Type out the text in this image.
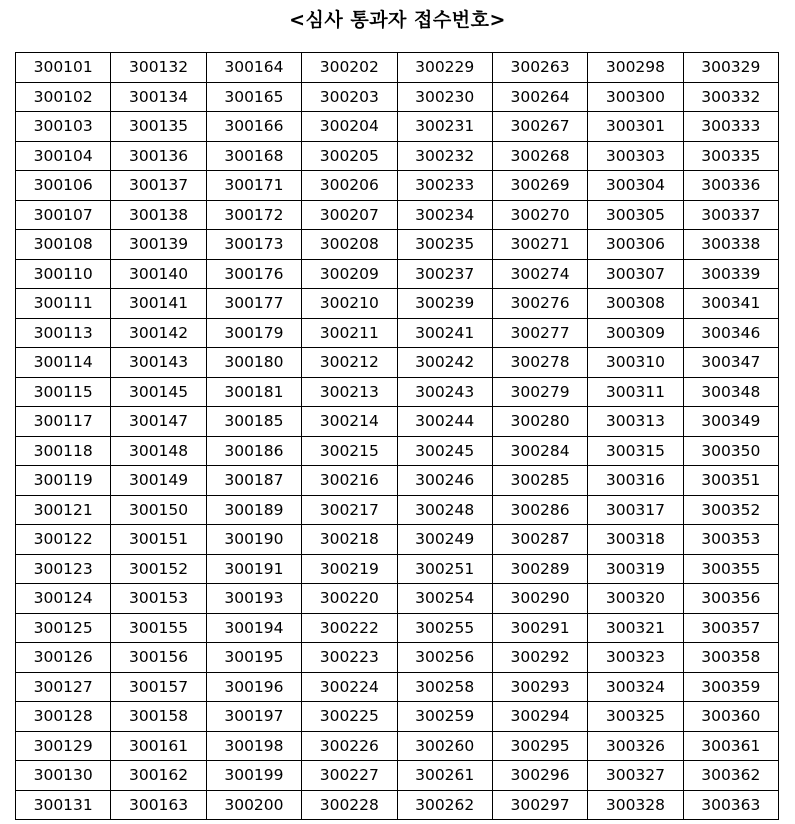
<심사 통과자 접수번호>
300101	300132	300164	300202	300229	300263	300298	300329
300102	300134	300165	300203	300230	300264	300300	300332
300103	300135	300166	300204	300231	300267	300301	300333
300104	300136	300168	300205	300232	300268	300303	300335
300106	300137	300171	300206	300233	300269	300304	300336
300107	300138	300172	300207	300234	300270	300305	300337
300108	300139	300173	300208	300235	300271	300306	300338
300110	300140	300176	300209	300237	300274	300307	300339
300111	300141	300177	300210	300239	300276	300308	300341
300113	300142	300179	300211	300241	300277	300309	300346
300114	300143	300180	300212	300242	300278	300310	300347
300115	300145	300181	300213	300243	300279	300311	300348
300117	300147	300185	300214	300244	300280	300313	300349
300118	300148	300186	300215	300245	300284	300315	300350
300119	300149	300187	300216	300246	300285	300316	300351
300121	300150	300189	300217	300248	300286	300317	300352
300122	300151	300190	300218	300249	300287	300318	300353
300123	300152	300191	300219	300251	300289	300319	300355
300124	300153	300193	300220	300254	300290	300320	300356
300125	300155	300194	300222	300255	300291	300321	300357
300126	300156	300195	300223	300256	300292	300323	300358
300127	300157	300196	300224	300258	300293	300324	300359
300128	300158	300197	300225	300259	300294	300325	300360
300129	300161	300198	300226	300260	300295	300326	300361
300130	300162	300199	300227	300261	300296	300327	300362
300131	300163	300200	300228	300262	300297	300328	300363
